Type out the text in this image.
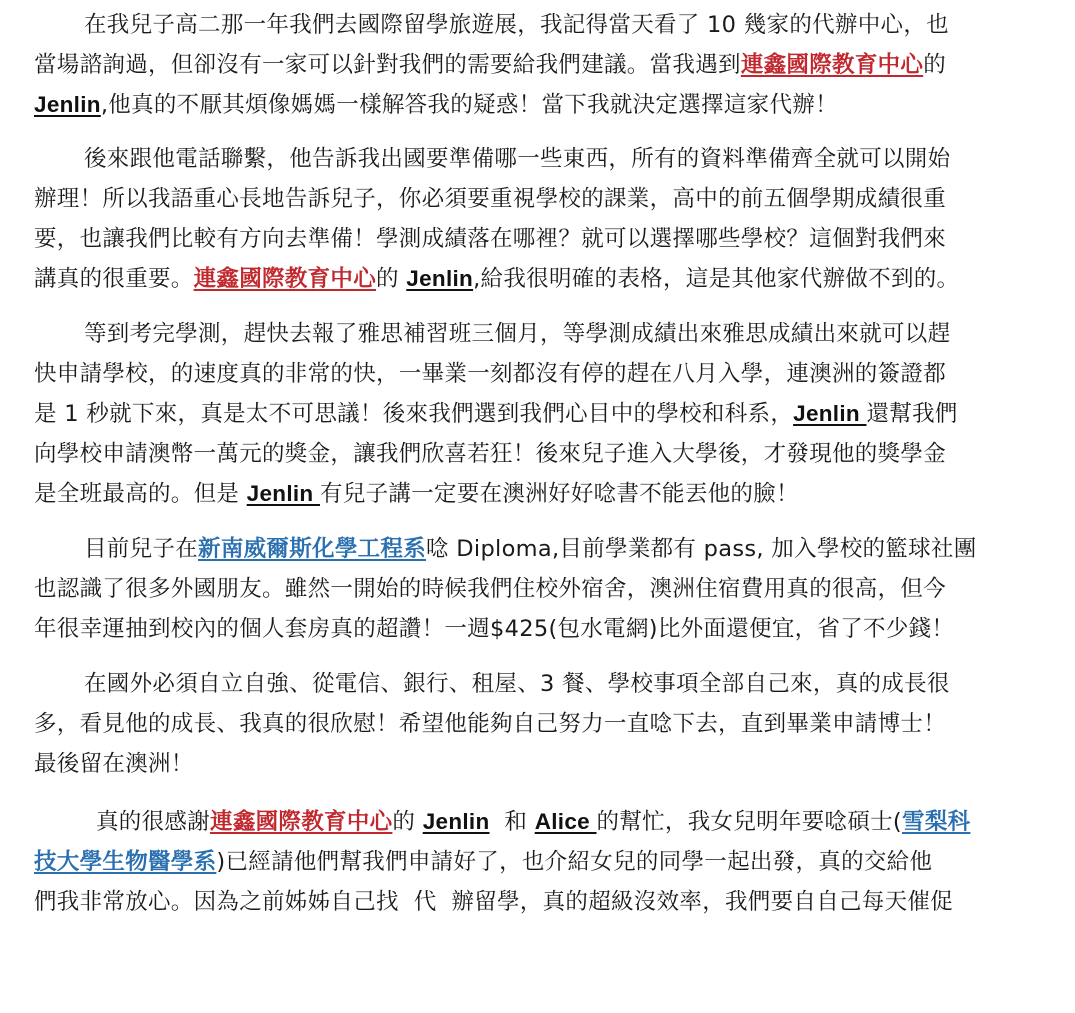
在我兒子高二那一年我們去國際留學旅遊展，我記得當天看了 10 幾家的代辦中心，也
當場諮詢過，但卻沒有一家可以針對我們的需要給我們建議。當我遇到連鑫國際教育中心的
Jenlin,他真的不厭其煩像媽媽一樣解答我的疑惑！當下我就決定選擇這家代辦！
後來跟他電話聯繫，他告訴我出國要準備哪一些東西，所有的資料準備齊全就可以開始
辦理！所以我語重心長地告訴兒子，你必須要重視學校的課業，高中的前五個學期成績很重
要，也讓我們比較有方向去準備！學測成績落在哪裡？就可以選擇哪些學校？這個對我們來
講真的很重要。連鑫國際教育中心的 Jenlin,給我很明確的表格，這是其他家代辦做不到的。
等到考完學測，趕快去報了雅思補習班三個月，等學測成績出來雅思成績出來就可以趕
快申請學校，的速度真的非常的快，一畢業一刻都沒有停的趕在八月入學，連澳洲的簽證都
是 1 秒就下來，真是太不可思議！後來我們選到我們心目中的學校和科系，Jenlin 還幫我們
向學校申請澳幣一萬元的獎金，讓我們欣喜若狂！後來兒子進入大學後，才發現他的獎學金
是全班最高的。但是 Jenlin 有兒子講一定要在澳洲好好唸書不能丟他的臉！
目前兒子在新南威爾斯化學工程系唸 Diploma,目前學業都有 pass, 加入學校的籃球社團
也認識了很多外國朋友。雖然一開始的時候我們住校外宿舍，澳洲住宿費用真的很高，但今
年很幸運抽到校內的個人套房真的超讚！一週$425(包水電網)比外面還便宜，省了不少錢！
在國外必須自立自強、從電信、銀行、租屋、3 餐、學校事項全部自己來，真的成長很
多，看見他的成長、我真的很欣慰！希望他能夠自己努力一直唸下去，直到畢業申請博士！
最後留在澳洲！
真的很感謝連鑫國際教育中心的 Jenlin  和 Alice 的幫忙，我女兒明年要唸碩士(雪梨科
技大學生物醫學系)已經請他們幫我們申請好了，也介紹女兒的同學一起出發，真的交給他
們我非常放心。因為之前姊姊自己找  代  辦留學，真的超級沒效率，我們要自自己每天催促
